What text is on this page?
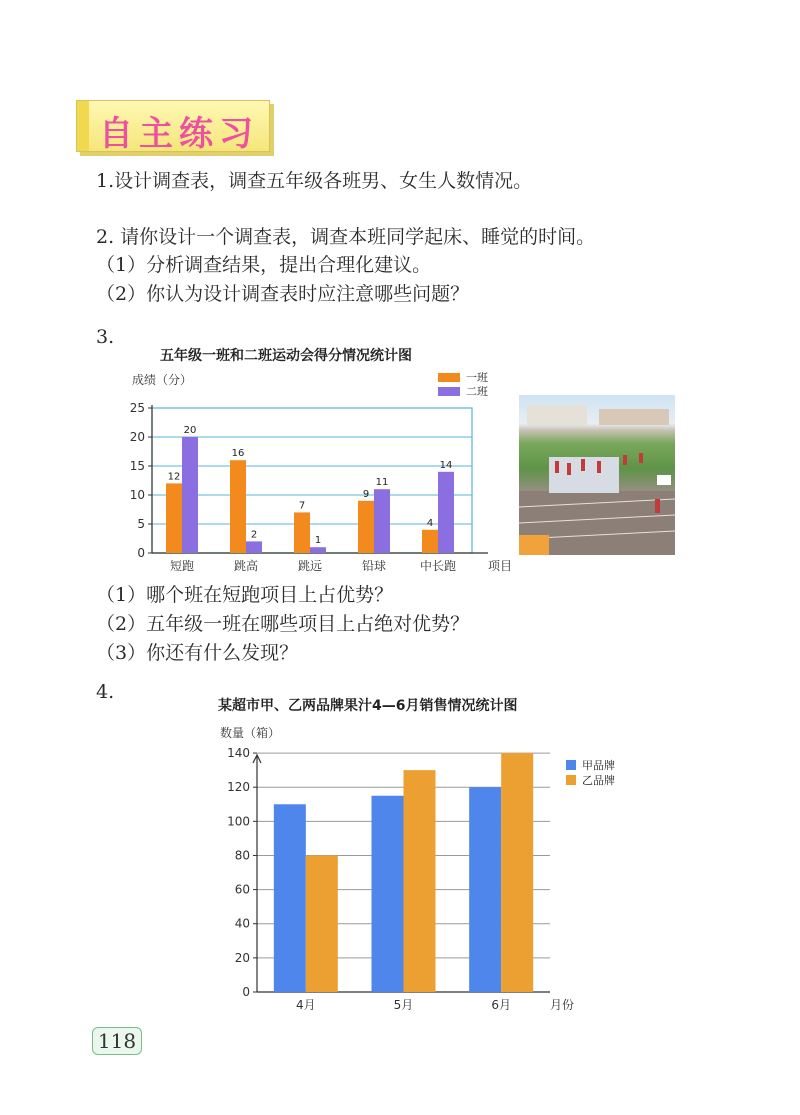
自主练习
1.设计调查表，调查五年级各班男、女生人数情况。
2. 请你设计一个调查表，调查本班同学起床、睡觉的时间。
（1）分析调查结果，提出合理化建议。
（2）你认为设计调查表时应注意哪些问题？
3.
五年级一班和二班运动会得分情况统计图
0
5
10
15
20
25
成绩（分）
项目
12
20
短跑
16
2
跳高
7
1
跳远
9
11
铅球
4
14
中长跑
一班
二班
（1）哪个班在短跑项目上占优势？
（2）五年级一班在哪些项目上占绝对优势？
（3）你还有什么发现？
4.
某超市甲、乙两品牌果汁4—6月销售情况统计图
0
20
40
60
80
100
120
140
数量（箱）
月份
4月	5月	6月
甲品牌
乙品牌
118
